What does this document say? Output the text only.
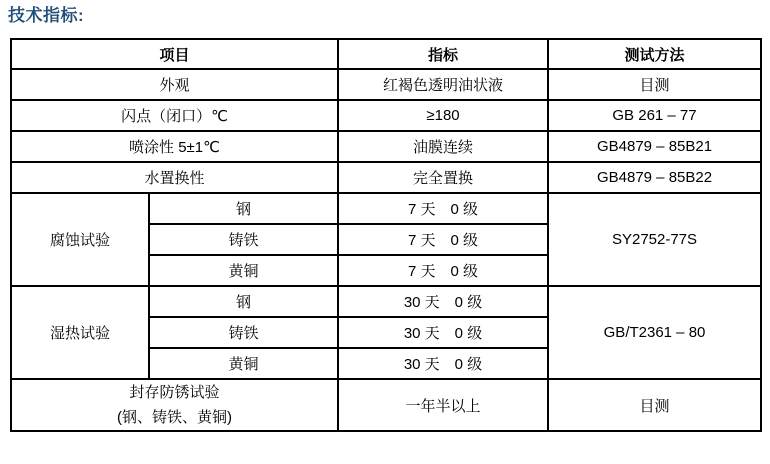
技术指标:
项目		指标	测试方法
外观		红褐色透明油状液	目测
闪点（闭口）℃		≥180	GB 261 – 77
喷涂性 5±1℃		油膜连续	GB4879 – 85B21
水置换性		完全置换	GB4879 – 85B22
腐蚀试验	钢	7 天　0 级	SY2752-77S
	铸铁	7 天　0 级	
	黄铜	7 天　0 级	
湿热试验	钢	30 天　0 级	GB/T2361 – 80
	铸铁	30 天　0 级	
	黄铜	30 天　0 级	

封存防锈试验
(钢、铸铁、黄铜)		一年半以上	目测
